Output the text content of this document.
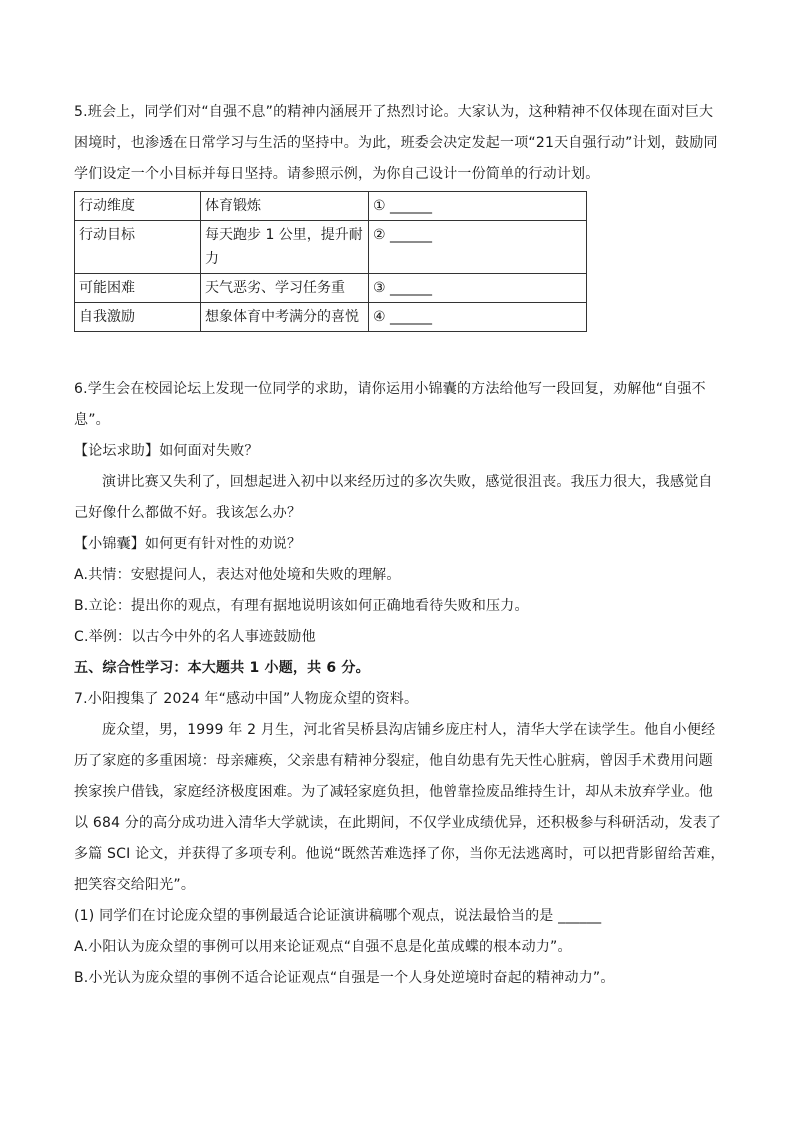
5.班会上，同学们对“自强不息”的精神内涵展开了热烈讨论。大家认为，这种精神不仅体现在面对巨大困境时，也渗透在日常学习与生活的坚持中。为此，班委会决定发起一项“21天自强行动”计划，鼓励同学们设定一个小目标并每日坚持。请参照示例，为你自己设计一份简单的行动计划。

行动维度	体育锻炼	① ______
行动目标	每天跑步 1 公里，提升耐力	② ______
可能困难	天气恶劣、学习任务重	③ ______
自我激励	想象体育中考满分的喜悦	④ ______

6.学生会在校园论坛上发现一位同学的求助，请你运用小锦囊的方法给他写一段回复，劝解他“自强不息”。

【论坛求助】如何面对失败？

演讲比赛又失利了，回想起进入初中以来经历过的多次失败，感觉很沮丧。我压力很大，我感觉自己好像什么都做不好。我该怎么办？

【小锦囊】如何更有针对性的劝说？

A.共情：安慰提问人，表达对他处境和失败的理解。

B.立论：提出你的观点，有理有据地说明该如何正确地看待失败和压力。

C.举例：以古今中外的名人事迹鼓励他

五、综合性学习：本大题共 1 小题，共 6 分。

7.小阳搜集了 2024 年“感动中国”人物庞众望的资料。

庞众望，男，1999 年 2 月生，河北省吴桥县沟店铺乡庞庄村人，清华大学在读学生。他自小便经历了家庭的多重困境：母亲瘫痪，父亲患有精神分裂症，他自幼患有先天性心脏病，曾因手术费用问题挨家挨户借钱，家庭经济极度困难。为了减轻家庭负担，他曾靠捡废品维持生计，却从未放弃学业。他以 684 分的高分成功进入清华大学就读，在此期间，不仅学业成绩优异，还积极参与科研活动，发表了多篇 SCI 论文，并获得了多项专利。他说“既然苦难选择了你，当你无法逃离时，可以把背影留给苦难，把笑容交给阳光”。

(1) 同学们在讨论庞众望的事例最适合论证演讲稿哪个观点，说法最恰当的是 ______

A.小阳认为庞众望的事例可以用来论证观点“自强不息是化茧成蝶的根本动力”。

B.小光认为庞众望的事例不适合论证观点“自强是一个人身处逆境时奋起的精神动力”。
